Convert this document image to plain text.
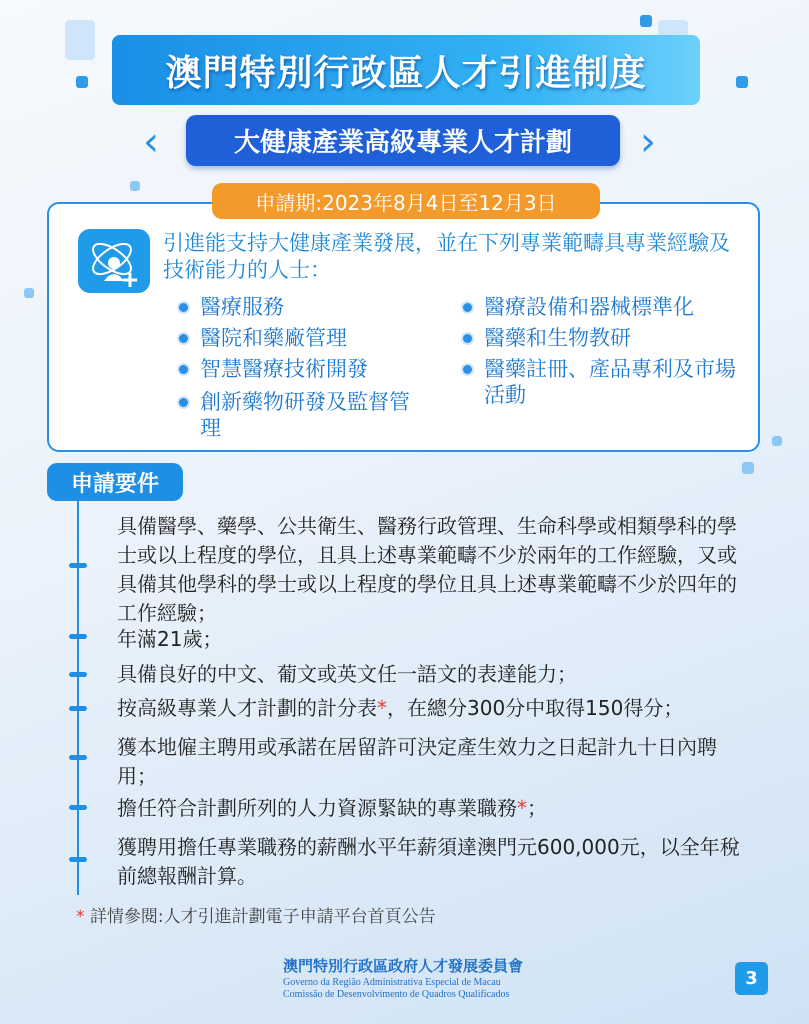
澳門特別行政區人才引進制度
‹	大健康產業高級專業人才計劃	›
申請期:2023年8月4日至12月3日
引進能支持大健康產業發展，並在下列專業範疇具專業經驗及技術能力的人士：
醫療服務
醫院和藥廠管理
智慧醫療技術開發
創新藥物研發及監督管理
醫療設備和器械標準化
醫藥和生物教研
醫藥註冊、產品專利及市場活動
申請要件
具備醫學、藥學、公共衛生、醫務行政管理、生命科學或相類學科的學士或以上程度的學位，且具上述專業範疇不少於兩年的工作經驗，又或具備其他學科的學士或以上程度的學位且具上述專業範疇不少於四年的工作經驗；
年滿21歲；
具備良好的中文、葡文或英文任一語文的表達能力；
按高級專業人才計劃的計分表*，在總分300分中取得150得分；
獲本地僱主聘用或承諾在居留許可決定產生效力之日起計九十日內聘用；
擔任符合計劃所列的人力資源緊缺的專業職務*；
獲聘用擔任專業職務的薪酬水平年薪須達澳門元600,000元，以全年稅前總報酬計算。
* 詳情參閱:人才引進計劃電子申請平台首頁公告
澳門特別行政區政府人才發展委員會
Governo da Região Administrativa Especial de Macau
Comissão de Desenvolvimento de Quadros Qualificados
3
